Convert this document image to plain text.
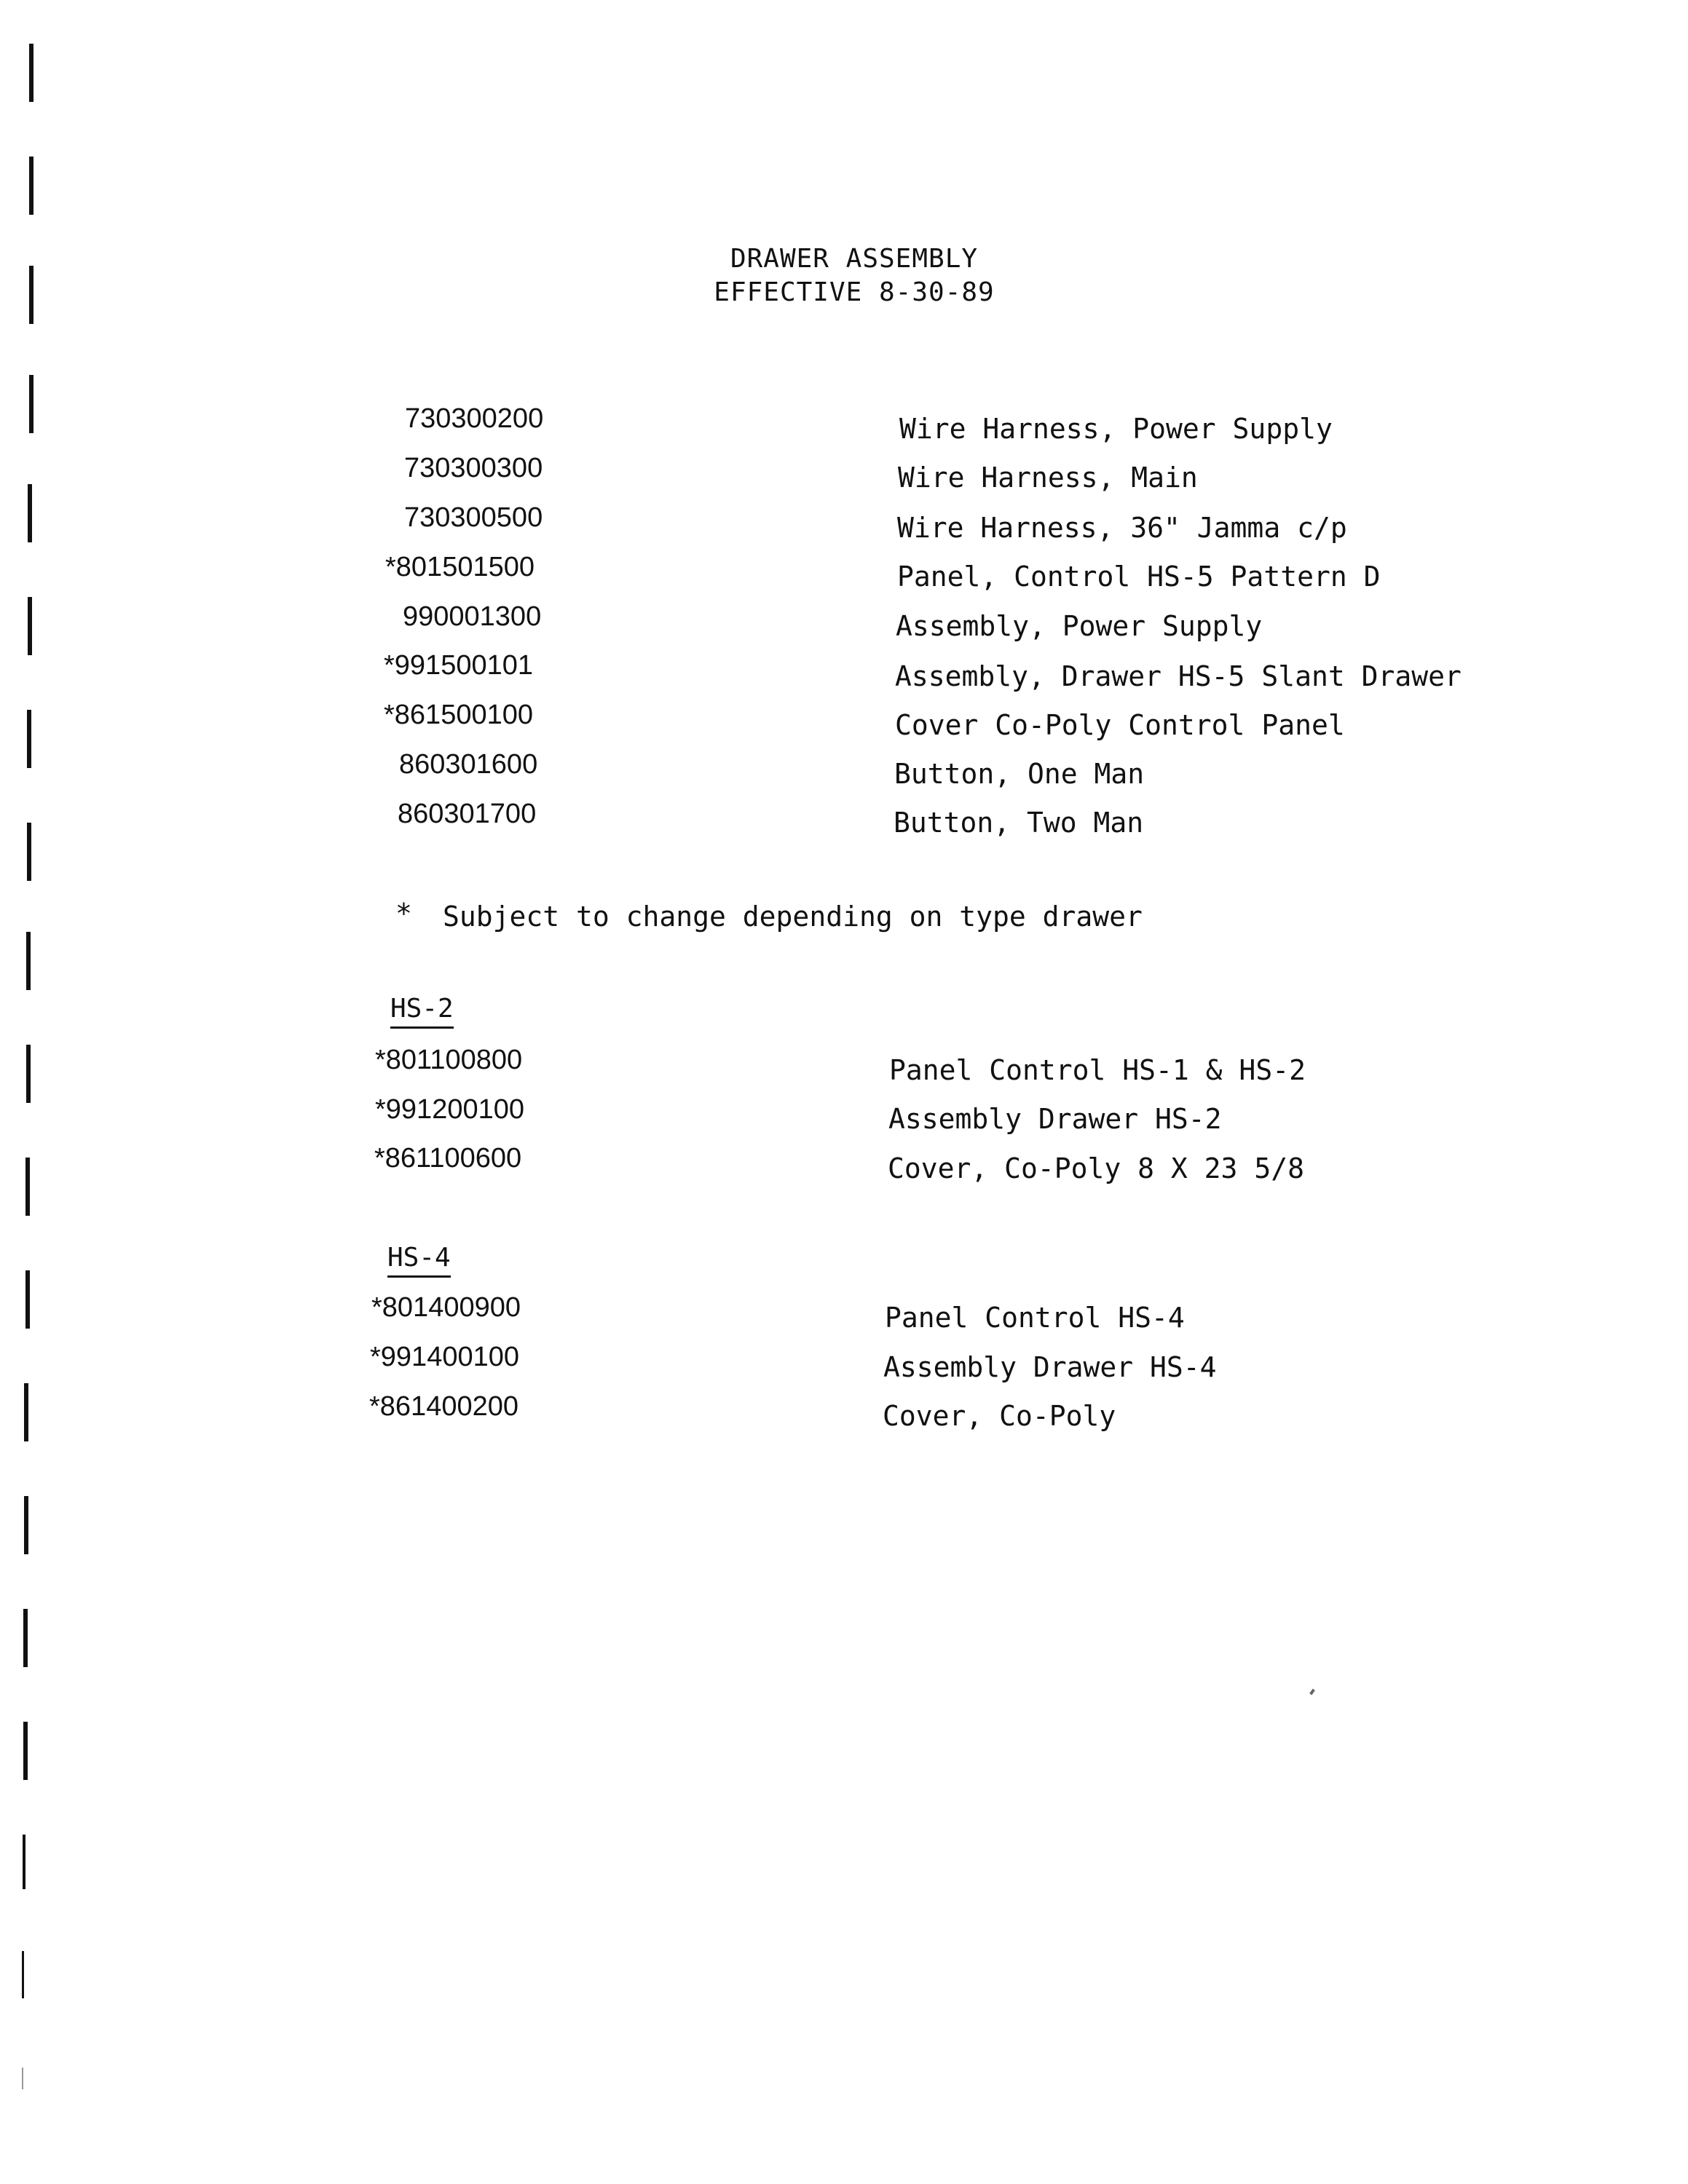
DRAWER ASSEMBLY
EFFECTIVE 8-30-89
730300200	Wire Harness, Power Supply
730300300	Wire Harness, Main
730300500	Wire Harness, 36" Jamma c/p
*801501500	Panel, Control HS-5 Pattern D
990001300	Assembly, Power Supply
*991500101	Assembly, Drawer HS-5 Slant Drawer
*861500100	Cover Co-Poly Control Panel
860301600	Button, One Man
860301700	Button, Two Man
* Subject to change depending on type drawer
HS-2
*801100800	Panel Control HS-1 & HS-2
*991200100	Assembly Drawer HS-2
*861100600	Cover, Co-Poly 8 X 23 5/8
HS-4
*801400900	Panel Control HS-4
*991400100	Assembly Drawer HS-4
*861400200	Cover, Co-Poly
